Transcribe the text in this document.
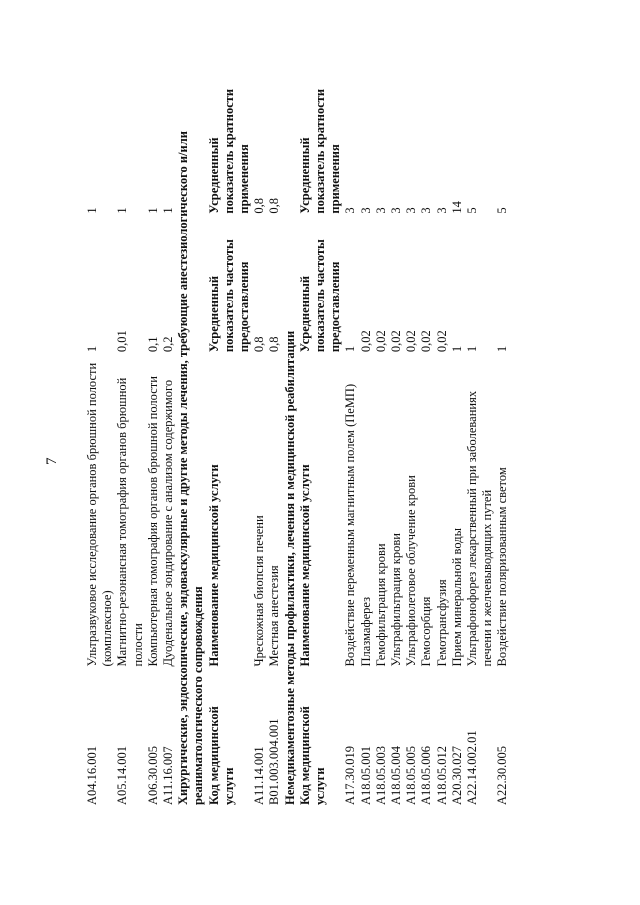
7
A04.16.001	Ультразвуковое исследование органов брюшной полости (комплексное)	1	1
A05.14.001	Магнитно-резонансная томография органов брюшной полости	0,01	1
A06.30.005	Компьютерная томография органов брюшной полости	0,1	1
A11.16.007	Дуоденальное зондирование с анализом содержимого	0,2	1
Хирургические, эндоскопические, эндоваскулярные и другие методы лечения, требующие анестезиологического и/или реаниматологического сопровождения			
Код медицинской услуги	Наименование медицинской услуги	Усредненный показатель частоты предоставления	Усредненный показатель кратности применения
A11.14.001	Чрескожная биопсия печени	0,8	0,8
B01.003.004.001	Местная анестезия	0,8	0,8
Немедикаментозные методы профилактики, лечения и медицинской реабилитации			
Код медицинской услуги	Наименование медицинской услуги	Усредненный показатель частоты предоставления	Усредненный показатель кратности применения
A17.30.019	Воздействие переменным магнитным полем (ПеМП)	1	3
A18.05.001	Плазмаферез	0,02	3
A18.05.003	Гемофильтрация крови	0,02	3
A18.05.004	Ультрафильтрация крови	0,02	3
A18.05.005	Ультрафиолетовое облучение крови	0,02	3
A18.05.006	Гемосорбция	0,02	3
A18.05.012	Гемотрансфузия	0,02	3
A20.30.027	Прием минеральной воды	1	14
A22.14.002.01	Ультрафонофорез лекарственный при заболеваниях печени и желчевыводящих путей	1	5
A22.30.005	Воздействие поляризованным светом	1	5
